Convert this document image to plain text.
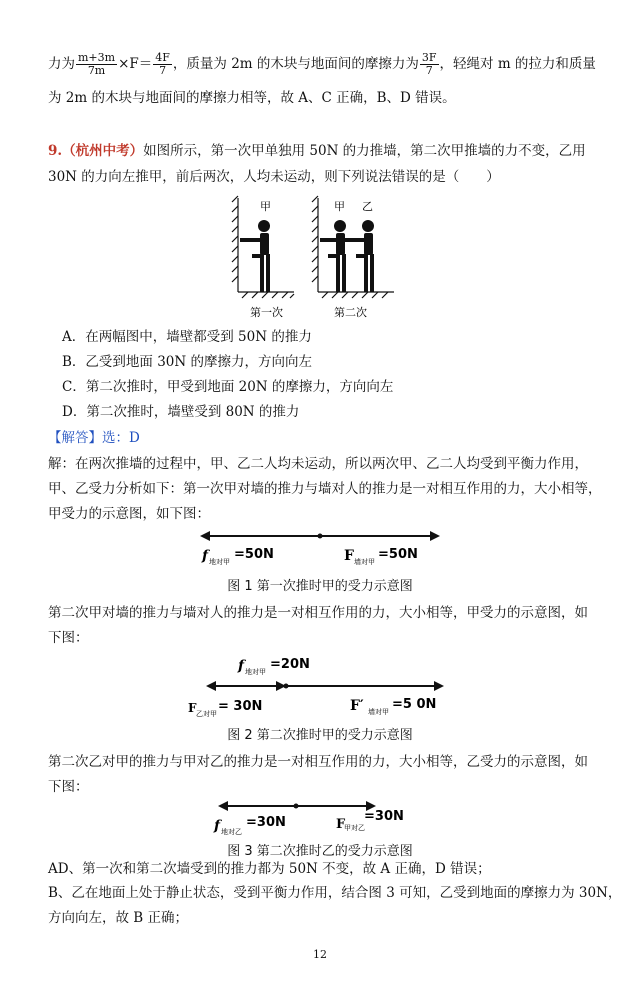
力为 $\frac{m+3m}{7m} \times F= \frac{4F}{7}$ ，质量为 2m 的木块与地面间的摩擦力为 $\frac{3F}{7}$ ，轻绳对 m 的拉力和质量
为 2m 的木块与地面间的摩擦力相等，故 A、C 正确，B、D 错误。
9.（杭州中考）如图所示，第一次甲单独用 50N 的力推墙，第二次甲推墙的力不变，乙用
30N 的力向左推甲，前后两次，人均未运动，则下列说法错误的是（　　）
甲	甲 乙
第一次	第二次
A．在两幅图中，墙壁都受到 50N 的推力
B．乙受到地面 30N 的摩擦力，方向向左
C．第二次推时，甲受到地面 20N 的摩擦力，方向向左
D．第二次推时，墙壁受到 80N 的推力
【解答】选：D
解：在两次推墙的过程中，甲、乙二人均未运动，所以两次甲、乙二人均受到平衡力作用，
甲、乙受力分析如下：第一次甲对墙的推力与墙对人的推力是一对相互作用的力，大小相等，
甲受力的示意图，如下图：
f 地对甲 =50N	F 墙对甲 =50N
图 1 第一次推时甲的受力示意图
第二次甲对墙的推力与墙对人的推力是一对相互作用的力，大小相等，甲受力的示意图，如
下图：
f 地对甲 =20N
F 乙对甲 = 30N	F′ 墙对甲 =5 0N
图 2 第二次推时甲的受力示意图
第二次乙对甲的推力与甲对乙的推力是一对相互作用的力，大小相等，乙受力的示意图，如
下图：
f 地对乙
=30N	F
甲对乙
=30N
图 3 第二次推时乙的受力示意图
AD、第一次和第二次墙受到的推力都为 50N 不变，故 A 正确，D 错误；
B、乙在地面上处于静止状态，受到平衡力作用，结合图 3 可知，乙受到地面的摩擦力为 30N，
方向向左，故 B 正确；
12
